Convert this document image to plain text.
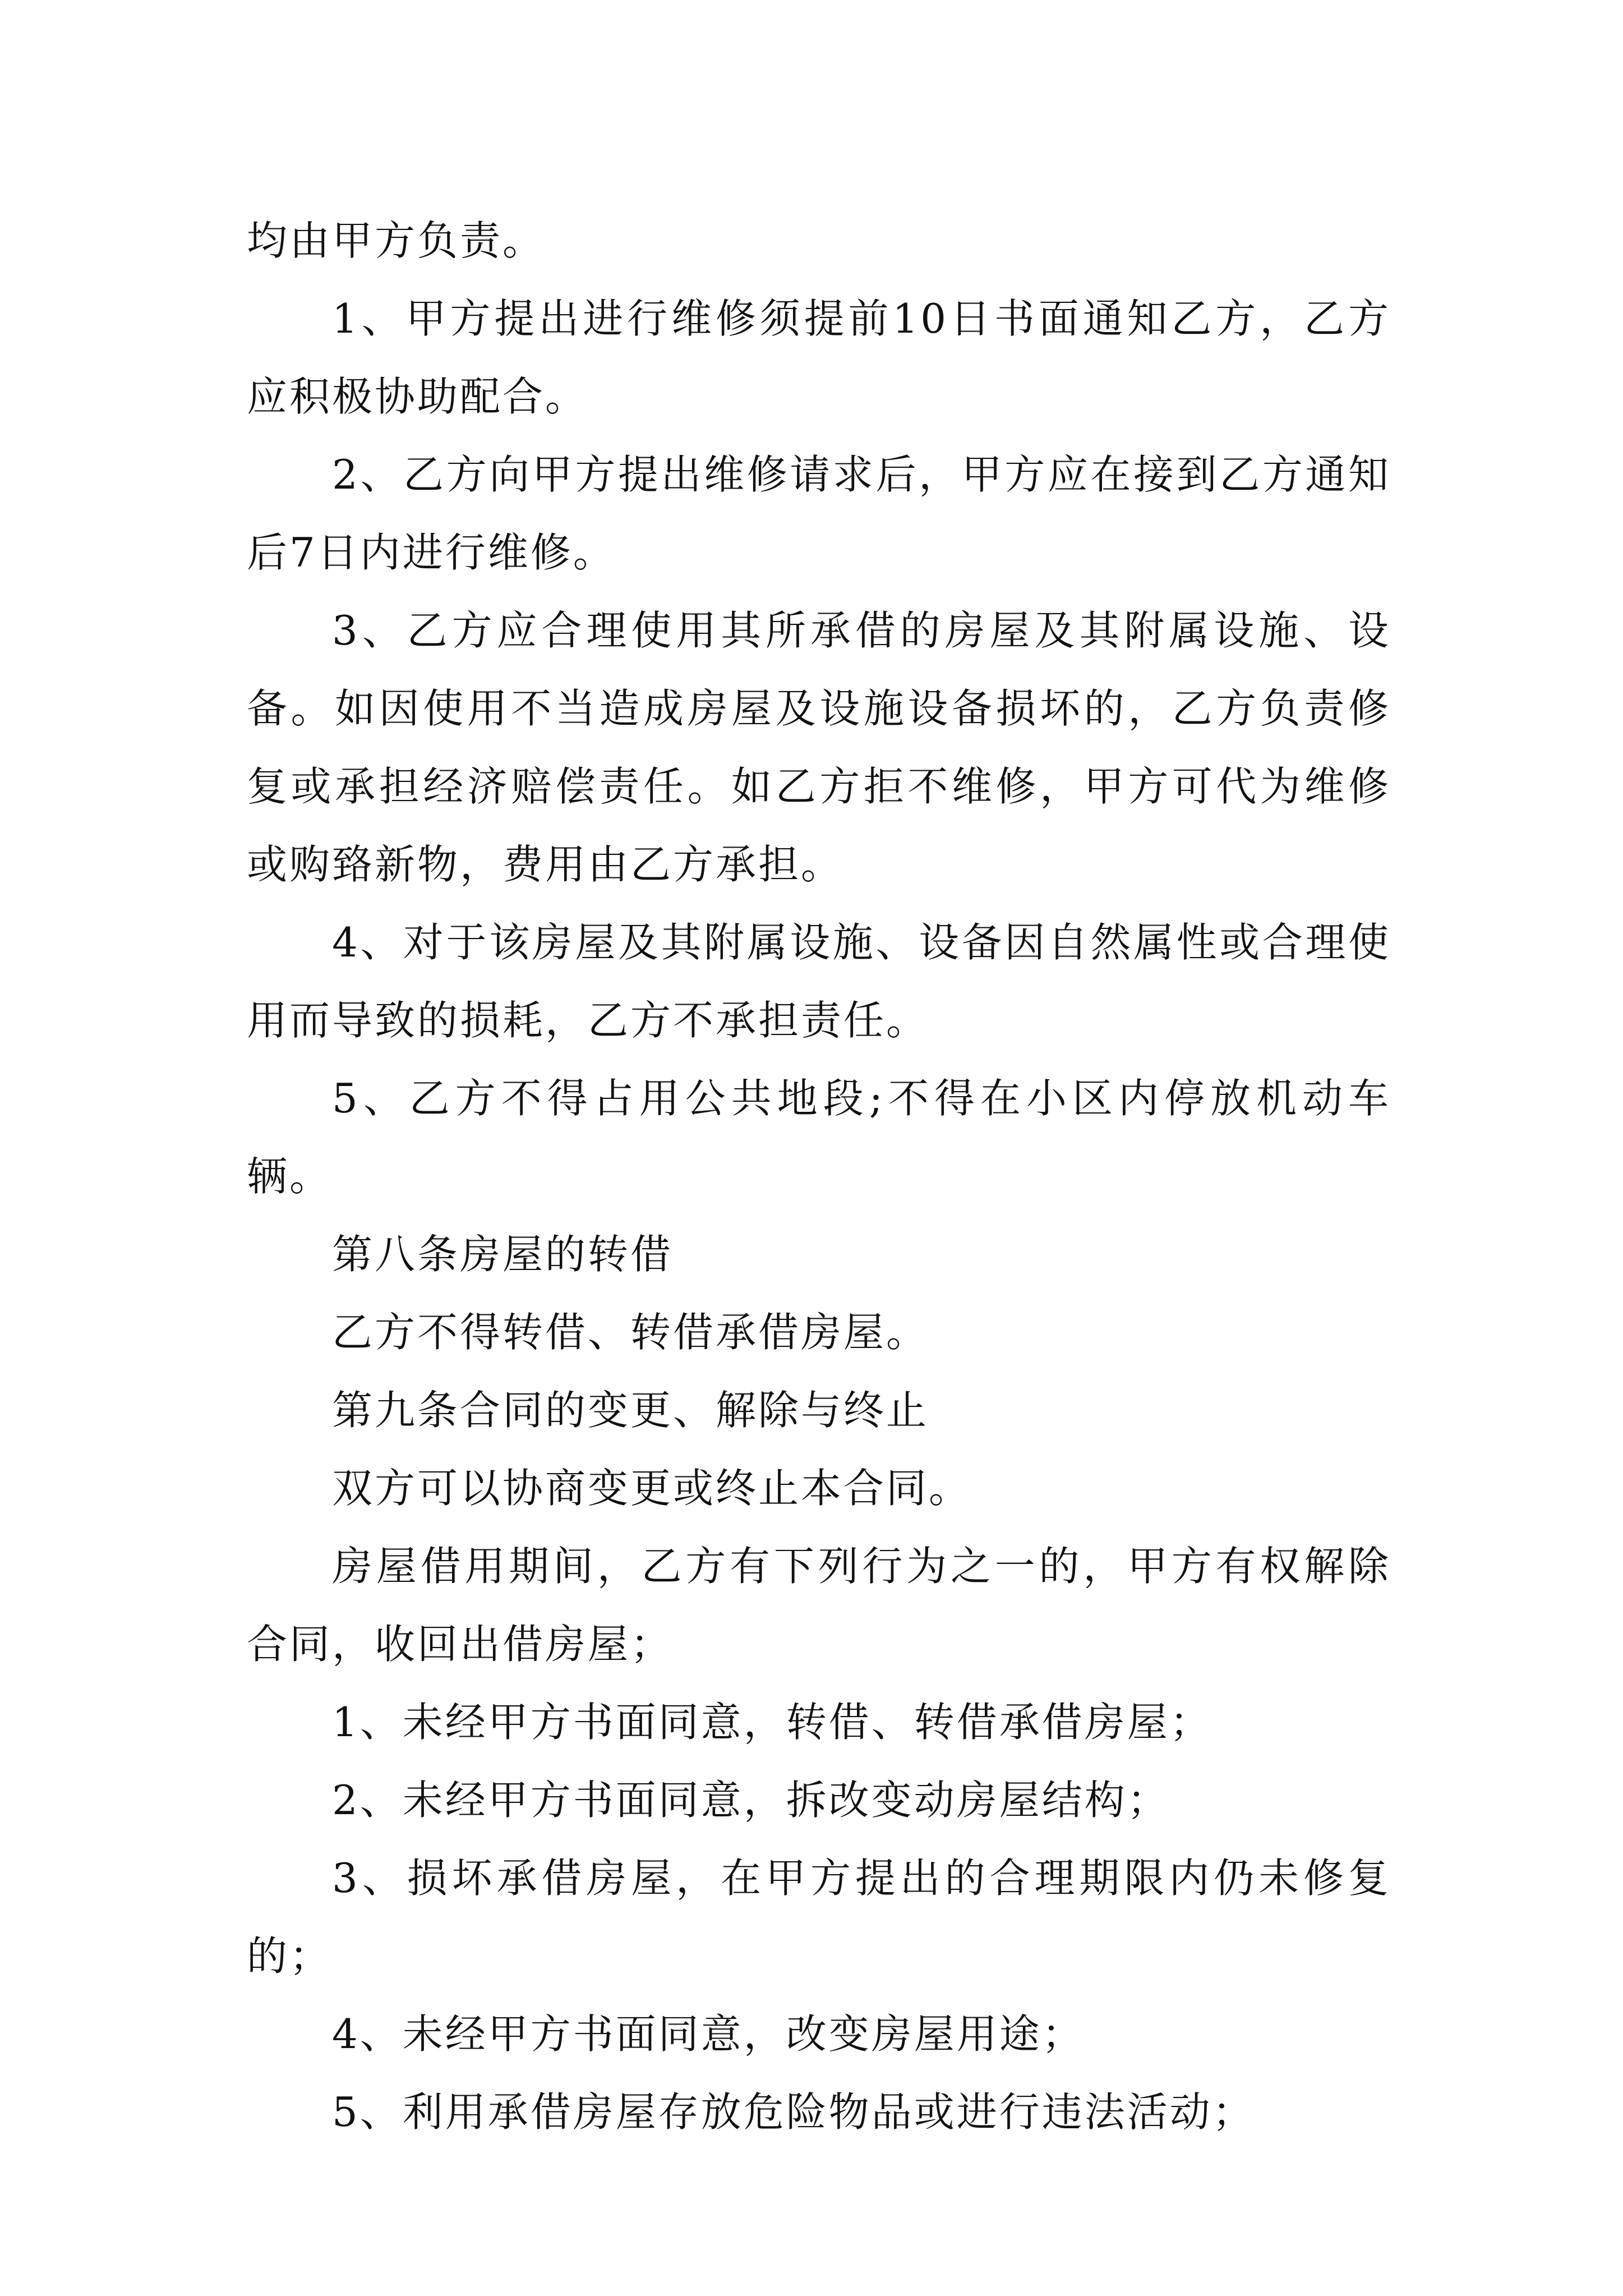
均由甲方负责。

1、甲方提出进行维修须提前10日书面通知乙方，乙方应积极协助配合。

2、乙方向甲方提出维修请求后，甲方应在接到乙方通知后7日内进行维修。

3、乙方应合理使用其所承借的房屋及其附属设施、设备。如因使用不当造成房屋及设施设备损坏的，乙方负责修复或承担经济赔偿责任。如乙方拒不维修，甲方可代为维修或购臵新物，费用由乙方承担。

4、对于该房屋及其附属设施、设备因自然属性或合理使用而导致的损耗，乙方不承担责任。

5、乙方不得占用公共地段;不得在小区内停放机动车辆。

第八条房屋的转借

乙方不得转借、转借承借房屋。

第九条合同的变更、解除与终止

双方可以协商变更或终止本合同。

房屋借用期间，乙方有下列行为之一的，甲方有权解除合同，收回出借房屋；

1、未经甲方书面同意，转借、转借承借房屋；

2、未经甲方书面同意，拆改变动房屋结构；

3、损坏承借房屋，在甲方提出的合理期限内仍未修复的；

4、未经甲方书面同意，改变房屋用途；

5、利用承借房屋存放危险物品或进行违法活动；
